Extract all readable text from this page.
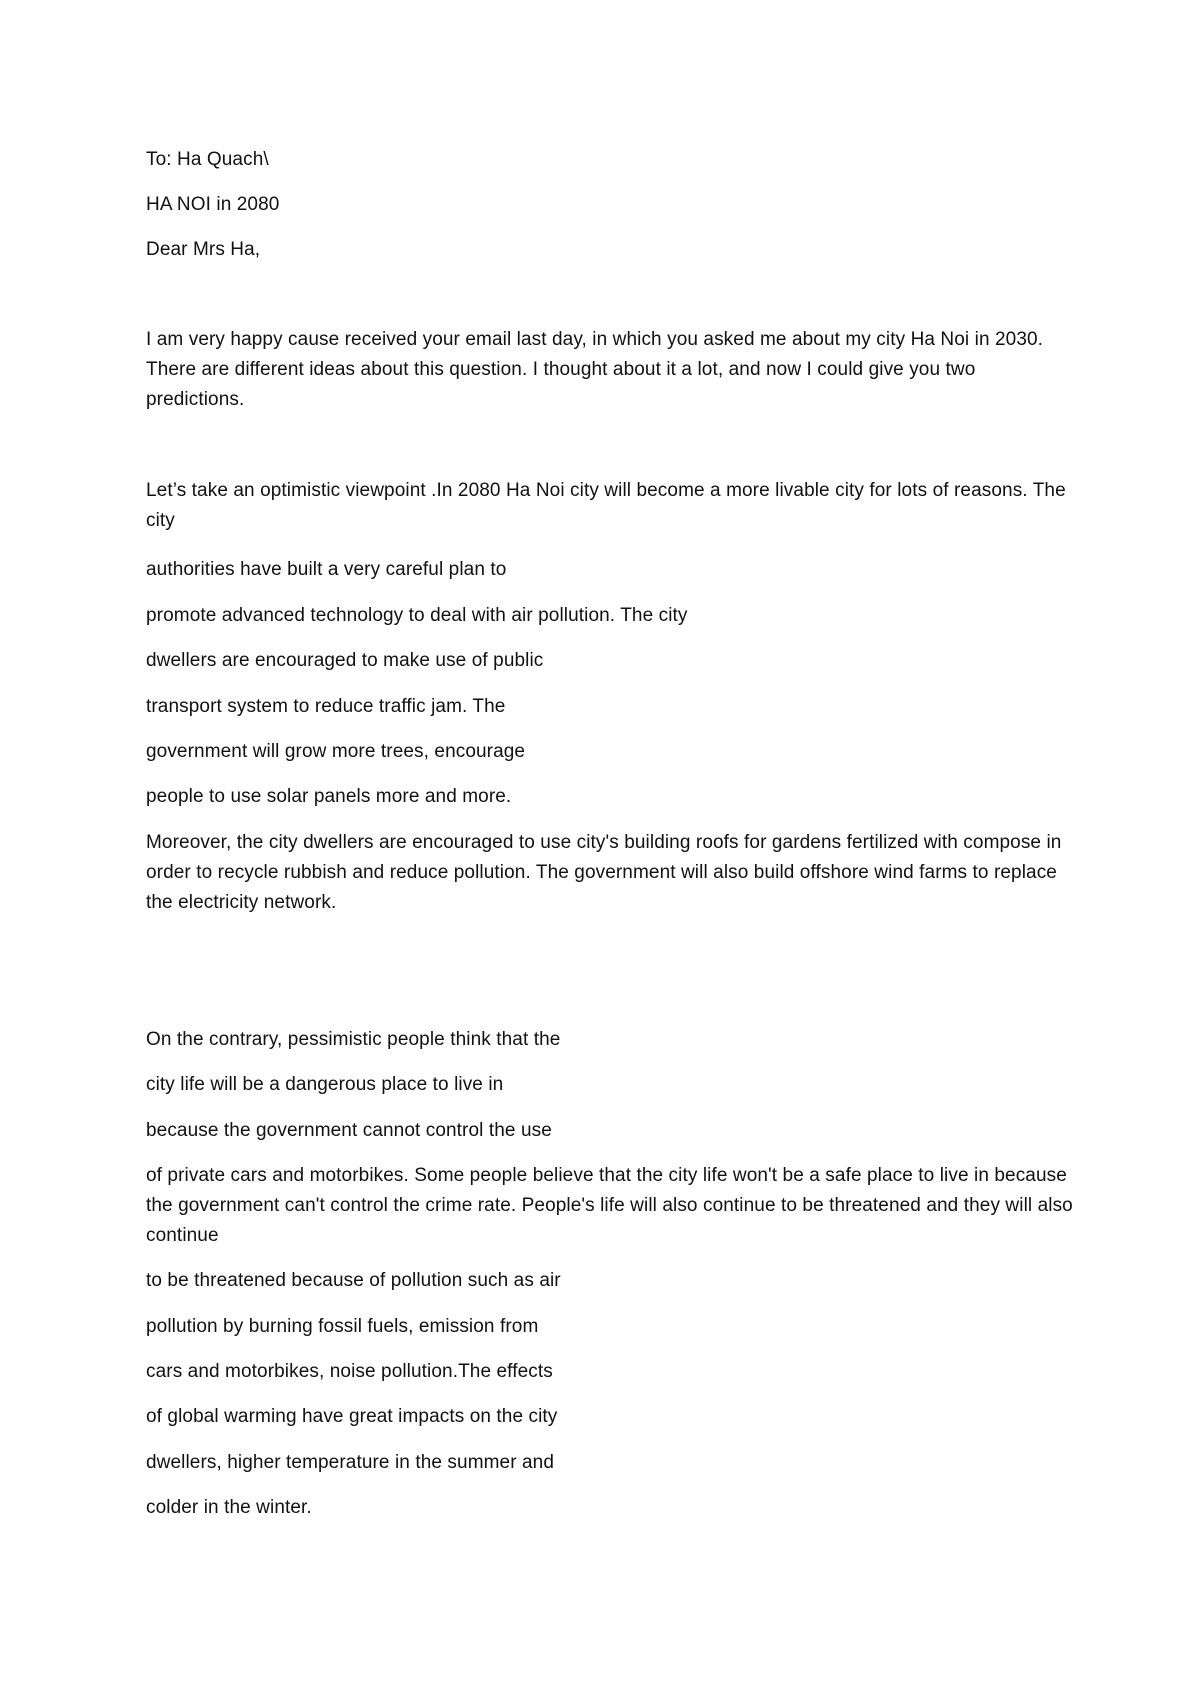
To: Ha Quach\

HA NOI in 2080

Dear Mrs Ha,

I am very happy cause received your email last day, in which you asked me about my city Ha Noi in 2030. There are different ideas about this question. I thought about it a lot, and now I could give you two predictions.

Let’s take an optimistic viewpoint .In 2080 Ha Noi city will become a more livable city for lots of reasons. The city

authorities have built a very careful plan to

promote advanced technology to deal with air pollution. The city

dwellers are encouraged to make use of public

transport system to reduce traffic jam. The

government will grow more trees, encourage

people to use solar panels more and more.

Moreover, the city dwellers are encouraged to use city's building roofs for gardens fertilized with compose in order to recycle rubbish and reduce pollution. The government will also build offshore wind farms to replace the electricity network.

On the contrary, pessimistic people think that the

city life will be a dangerous place to live in

because the government cannot control the use

of private cars and motorbikes. Some people believe that the city life won't be a safe place to live in because the government can't control the crime rate. People's life will also continue to be threatened and they will also continue

to be threatened because of pollution such as air

pollution by burning fossil fuels, emission from

cars and motorbikes, noise pollution.The effects

of global warming have great impacts on the city

dwellers, higher temperature in the summer and

colder in the winter.
